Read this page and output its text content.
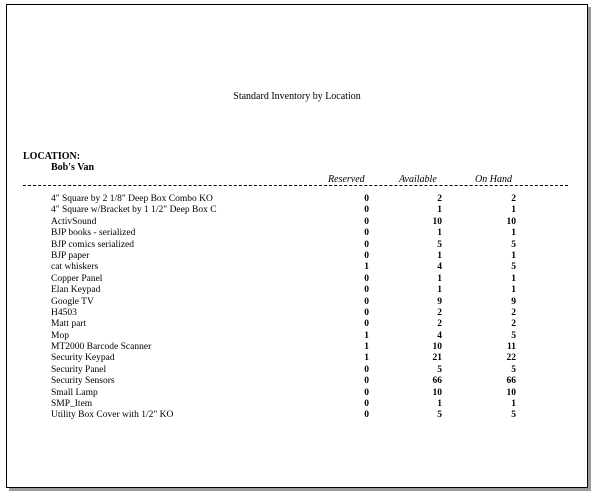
Standard Inventory by Location
LOCATION:
Bob's Van
Reserved	Available	On Hand
4" Square by 2 1/8" Deep Box Combo KO	0	2	2
4" Square w/Bracket by 1 1/2" Deep Box C	0	1	1
ActivSound	0	10	10
BJP books - serialized	0	1	1
BJP comics serialized	0	5	5
BJP paper	0	1	1
cat whiskers	1	4	5
Copper Panel	0	1	1
Elan Keypad	0	1	1
Google TV	0	9	9
H4503	0	2	2
Matt part	0	2	2
Mop	1	4	5
MT2000 Barcode Scanner	1	10	11
Security Keypad	1	21	22
Security Panel	0	5	5
Security Sensors	0	66	66
Small Lamp	0	10	10
SMP_Item	0	1	1
Utility Box Cover with 1/2" KO	0	5	5
